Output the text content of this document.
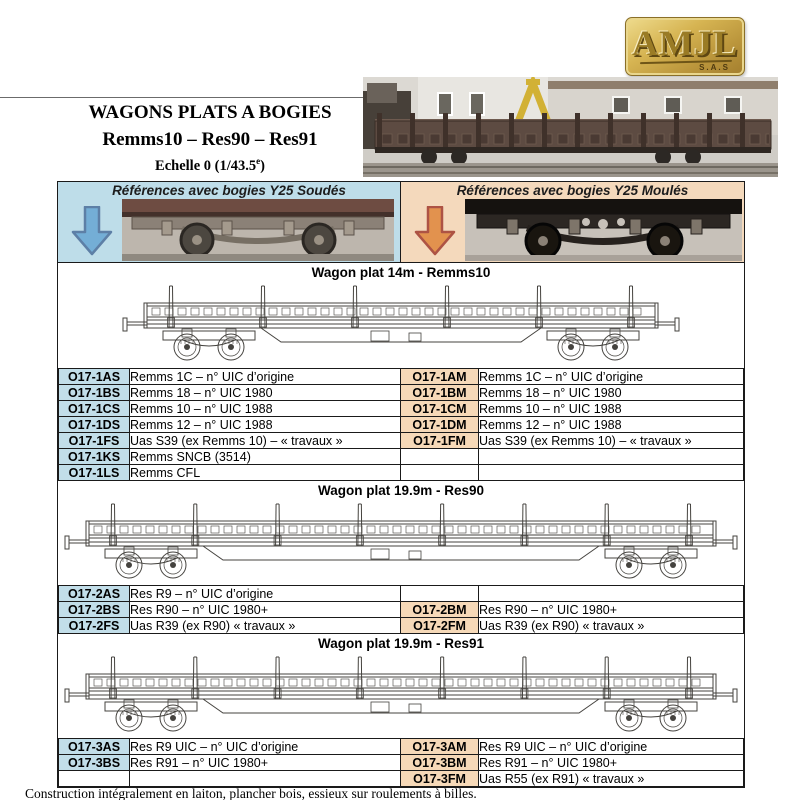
AMJL
S.A.S
WAGONS PLATS A BOGIES
Remms10 – Res90 – Res91
Echelle 0 (1/43.5e)
Références avec bogies Y25 Soudés	Références avec bogies Y25 Moulés
Wagon plat 14m - Remms10
O17-1AS	Remms 1C – n° UIC d’origine	O17-1AM	Remms 1C – n° UIC d’origine
O17-1BS	Remms 18 – n° UIC 1980	O17-1BM	Remms 18 – n° UIC 1980
O17-1CS	Remms 10 – n° UIC 1988	O17-1CM	Remms 10 – n° UIC 1988
O17-1DS	Remms 12 – n° UIC 1988	O17-1DM	Remms 12 – n° UIC 1988
O17-1FS	Uas S39 (ex Remms 10) – « travaux »	O17-1FM	Uas S39 (ex Remms 10) – « travaux »
O17-1KS	Remms SNCB (3514)		
O17-1LS	Remms CFL		
Wagon plat 19.9m - Res90
O17-2AS	Res R9 – n° UIC d’origine		
O17-2BS	Res R90 – n° UIC 1980+	O17-2BM	Res R90 – n° UIC 1980+
O17-2FS	Uas R39 (ex R90) « travaux »	O17-2FM	Uas R39 (ex R90) « travaux »
Wagon plat 19.9m - Res91
O17-3AS	Res R9 UIC – n° UIC d’origine	O17-3AM	Res R9 UIC – n° UIC d’origine
O17-3BS	Res R91 – n° UIC 1980+	O17-3BM	Res R91 – n° UIC 1980+
		O17-3FM	Uas R55 (ex R91) « travaux »
Construction intégralement en laiton, plancher bois, essieux sur roulements à billes.
